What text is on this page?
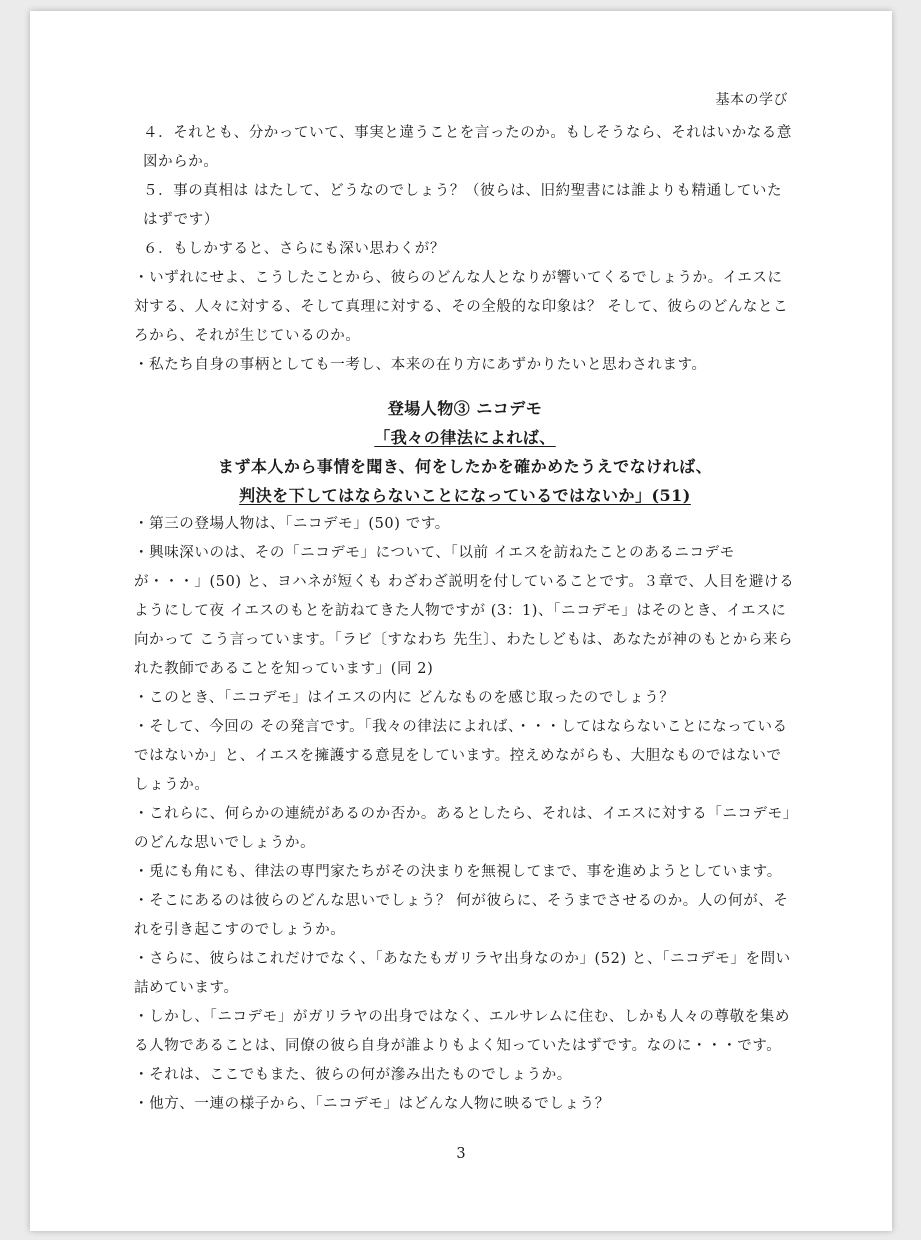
基本の学び

４．それとも、分かっていて、事実と違うことを言ったのか。もしそうなら、それはいかなる意図からか。

５．事の真相は はたして、どうなのでしょう？（彼らは、旧約聖書には誰よりも精通していたはずです）

６．もしかすると、さらにも深い思わくが？

・いずれにせよ、こうしたことから、彼らのどんな人となりが響いてくるでしょうか。イエスに対する、人々に対する、そして真理に対する、その全般的な印象は？ そして、彼らのどんなところから、それが生じているのか。

・私たち自身の事柄としても一考し、本来の在り方にあずかりたいと思わされます。

登場人物③ ニコデモ
「我々の律法によれば、
まず本人から事情を聞き、何をしたかを確かめたうえでなければ、
判決を下してはならないことになっているではないか」(51)

・第三の登場人物は、「ニコデモ」(50) です。

・興味深いのは、その「ニコデモ」について、「以前 イエスを訪ねたことのあるニコデモが・・・」(50) と、ヨハネが短くも わざわざ説明を付していることです。３章で、人目を避けるようにして夜 イエスのもとを訪ねてきた人物ですが (3：1)、「ニコデモ」はそのとき、イエスに向かって こう言っています。「ラビ〔すなわち 先生〕、わたしどもは、あなたが神のもとから来られた教師であることを知っています」(同 2)

・このとき、「ニコデモ」はイエスの内に どんなものを感じ取ったのでしょう？

・そして、今回の その発言です。「我々の律法によれば、・・・してはならないことになっているではないか」と、イエスを擁護する意見をしています。控えめながらも、大胆なものではないでしょうか。

・これらに、何らかの連続があるのか否か。あるとしたら、それは、イエスに対する「ニコデモ」のどんな思いでしょうか。

・兎にも角にも、律法の専門家たちがその決まりを無視してまで、事を進めようとしています。

・そこにあるのは彼らのどんな思いでしょう？ 何が彼らに、そうまでさせるのか。人の何が、それを引き起こすのでしょうか。

・さらに、彼らはこれだけでなく、「あなたもガリラヤ出身なのか」(52) と、「ニコデモ」を問い詰めています。

・しかし、「ニコデモ」がガリラヤの出身ではなく、エルサレムに住む、しかも人々の尊敬を集める人物であることは、同僚の彼ら自身が誰よりもよく知っていたはずです。なのに・・・です。

・それは、ここでもまた、彼らの何が滲み出たものでしょうか。

・他方、一連の様子から、「ニコデモ」はどんな人物に映るでしょう？

3
